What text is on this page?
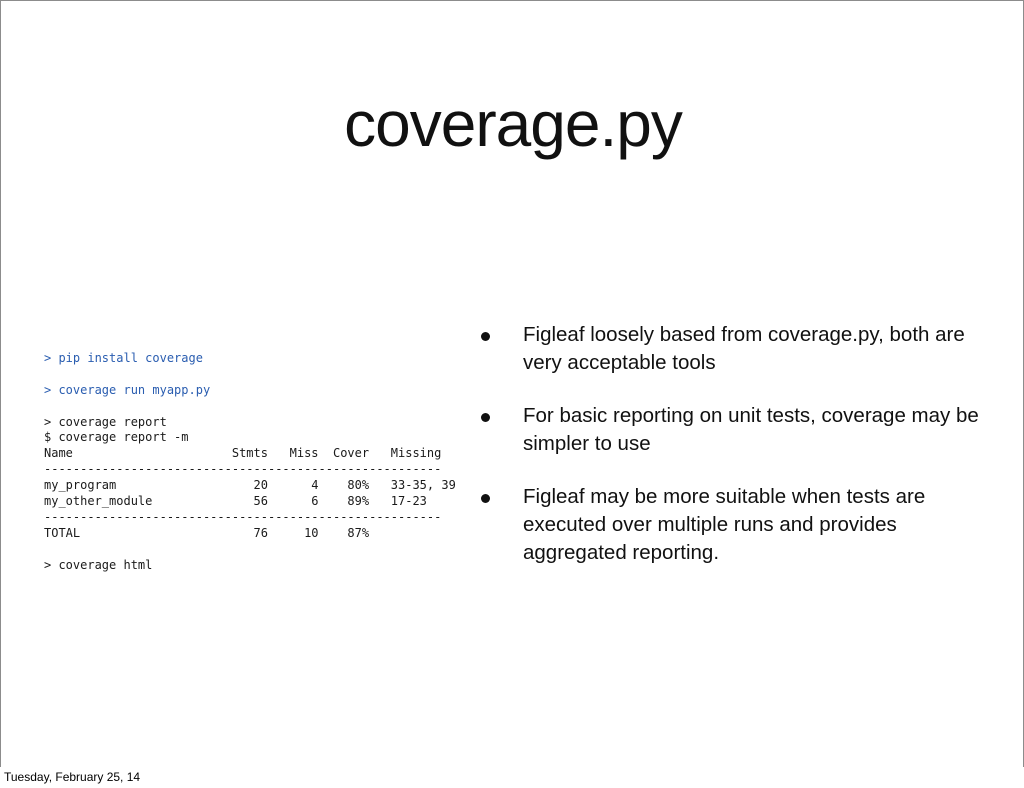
coverage.py
> pip install coverage
> coverage run myapp.py
> coverage report
$ coverage report -m
Name                      Stmts   Miss  Cover   Missing
-------------------------------------------------------
my_program                   20      4    80%   33-35, 39
my_other_module              56      6    89%   17-23
-------------------------------------------------------
TOTAL                        76     10    87%
> coverage html
Figleaf loosely based from coverage.py, both are very acceptable tools
For basic reporting on unit tests, coverage may be simpler to use
Figleaf may be more suitable when tests are executed over multiple runs and provides aggregated reporting.
Tuesday, February 25, 14
